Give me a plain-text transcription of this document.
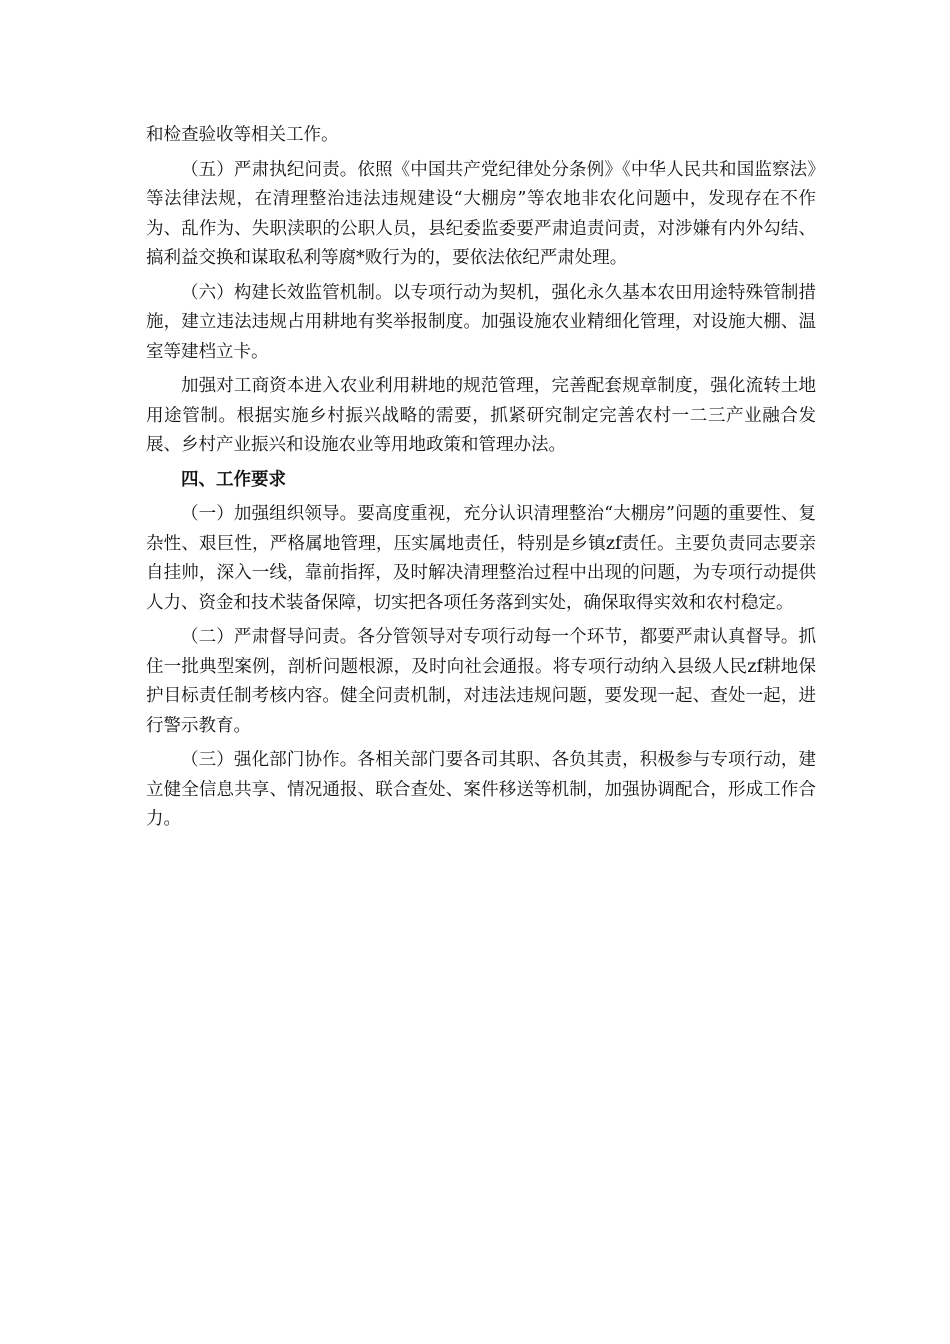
和检查验收等相关工作。

（五）严肃执纪问责。依照《中国共产党纪律处分条例》《中华人民共和国监察法》等法律法规，在清理整治违法违规建设“大棚房”等农地非农化问题中，发现存在不作为、乱作为、失职渎职的公职人员，县纪委监委要严肃追责问责，对涉嫌有内外勾结、搞利益交换和谋取私利等腐*败行为的，要依法依纪严肃处理。

（六）构建长效监管机制。以专项行动为契机，强化永久基本农田用途特殊管制措施，建立违法违规占用耕地有奖举报制度。加强设施农业精细化管理，对设施大棚、温室等建档立卡。

加强对工商资本进入农业利用耕地的规范管理，完善配套规章制度，强化流转土地用途管制。根据实施乡村振兴战略的需要，抓紧研究制定完善农村一二三产业融合发展、乡村产业振兴和设施农业等用地政策和管理办法。

四、工作要求

（一）加强组织领导。要高度重视，充分认识清理整治“大棚房”问题的重要性、复杂性、艰巨性，严格属地管理，压实属地责任，特别是乡镇zf责任。主要负责同志要亲自挂帅，深入一线，靠前指挥，及时解决清理整治过程中出现的问题，为专项行动提供人力、资金和技术装备保障，切实把各项任务落到实处，确保取得实效和农村稳定。

（二）严肃督导问责。各分管领导对专项行动每一个环节，都要严肃认真督导。抓住一批典型案例，剖析问题根源，及时向社会通报。将专项行动纳入县级人民zf耕地保护目标责任制考核内容。健全问责机制，对违法违规问题，要发现一起、查处一起，进行警示教育。

（三）强化部门协作。各相关部门要各司其职、各负其责，积极参与专项行动，建立健全信息共享、情况通报、联合查处、案件移送等机制，加强协调配合，形成工作合力。
